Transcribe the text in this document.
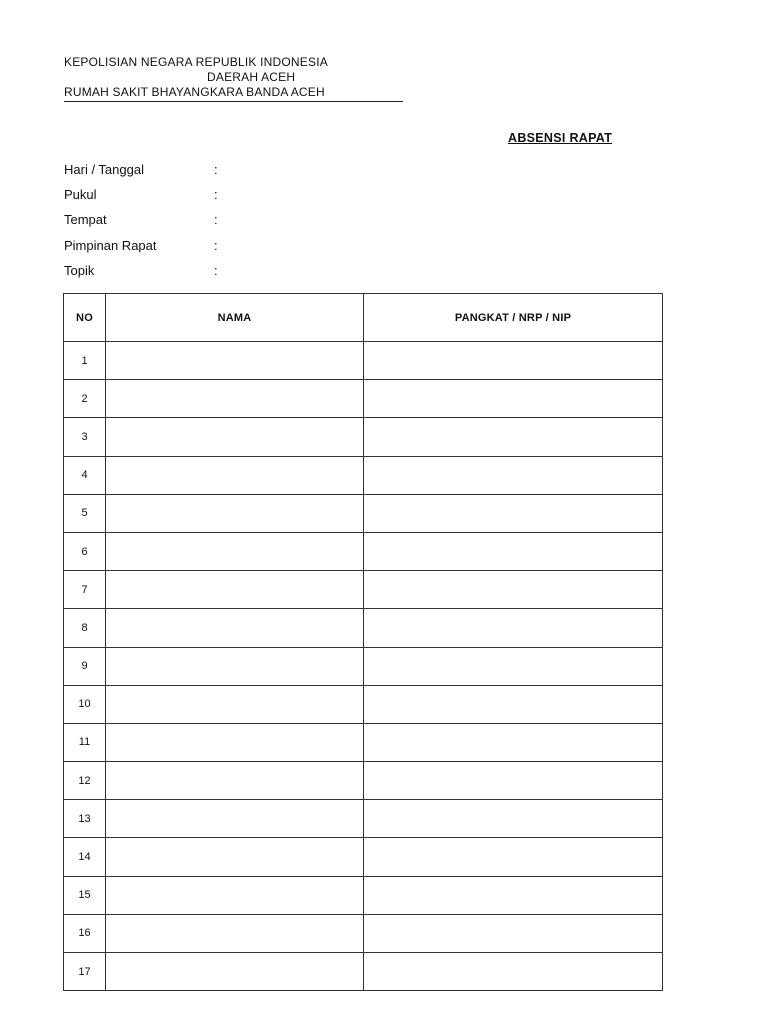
KEPOLISIAN NEGARA REPUBLIK INDONESIA
DAERAH ACEH
RUMAH SAKIT BHAYANGKARA BANDA ACEH
ABSENSI RAPAT
Hari / Tanggal	:
Pukul	:
Tempat	:
Pimpinan Rapat	:
Topik	:
NO	NAMA	PANGKAT / NRP / NIP
1		
2		
3		
4		
5		
6		
7		
8		
9		
10		
11		
12		
13		
14		
15		
16		
17		
